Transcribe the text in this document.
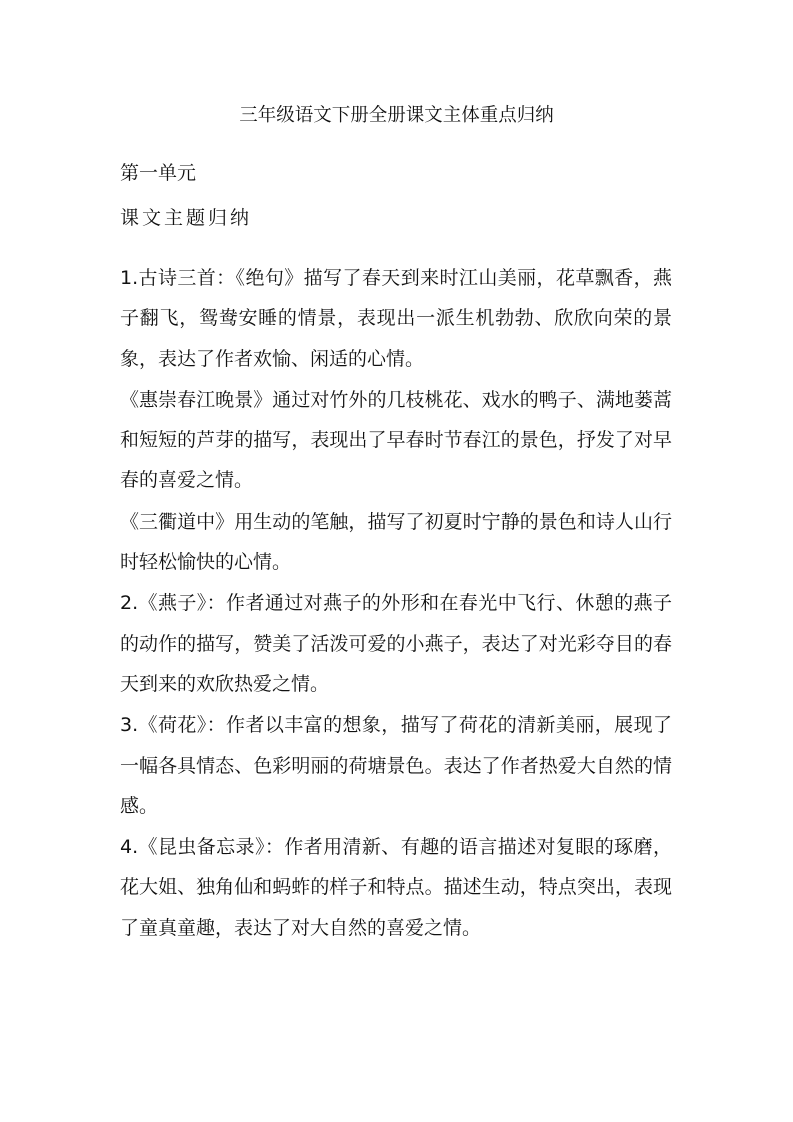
三年级语文下册全册课文主体重点归纳
第一单元
课文主题归纳

1.古诗三首：《绝句》描写了春天到来时江山美丽，花草飘香，燕子翻飞，鸳鸯安睡的情景，表现出一派生机勃勃、欣欣向荣的景象，表达了作者欢愉、闲适的心情。

《惠崇春江晚景》通过对竹外的几枝桃花、戏水的鸭子、满地蒌蒿和短短的芦芽的描写，表现出了早春时节春江的景色，抒发了对早春的喜爱之情。

《三衢道中》用生动的笔触，描写了初夏时宁静的景色和诗人山行时轻松愉快的心情。

2.《燕子》：作者通过对燕子的外形和在春光中飞行、休憩的燕子的动作的描写，赞美了活泼可爱的小燕子，表达了对光彩夺目的春天到来的欢欣热爱之情。

3.《荷花》：作者以丰富的想象，描写了荷花的清新美丽，展现了一幅各具情态、色彩明丽的荷塘景色。表达了作者热爱大自然的情感。

4.《昆虫备忘录》：作者用清新、有趣的语言描述对复眼的琢磨，花大姐、独角仙和蚂蚱的样子和特点。描述生动，特点突出，表现了童真童趣，表达了对大自然的喜爱之情。
